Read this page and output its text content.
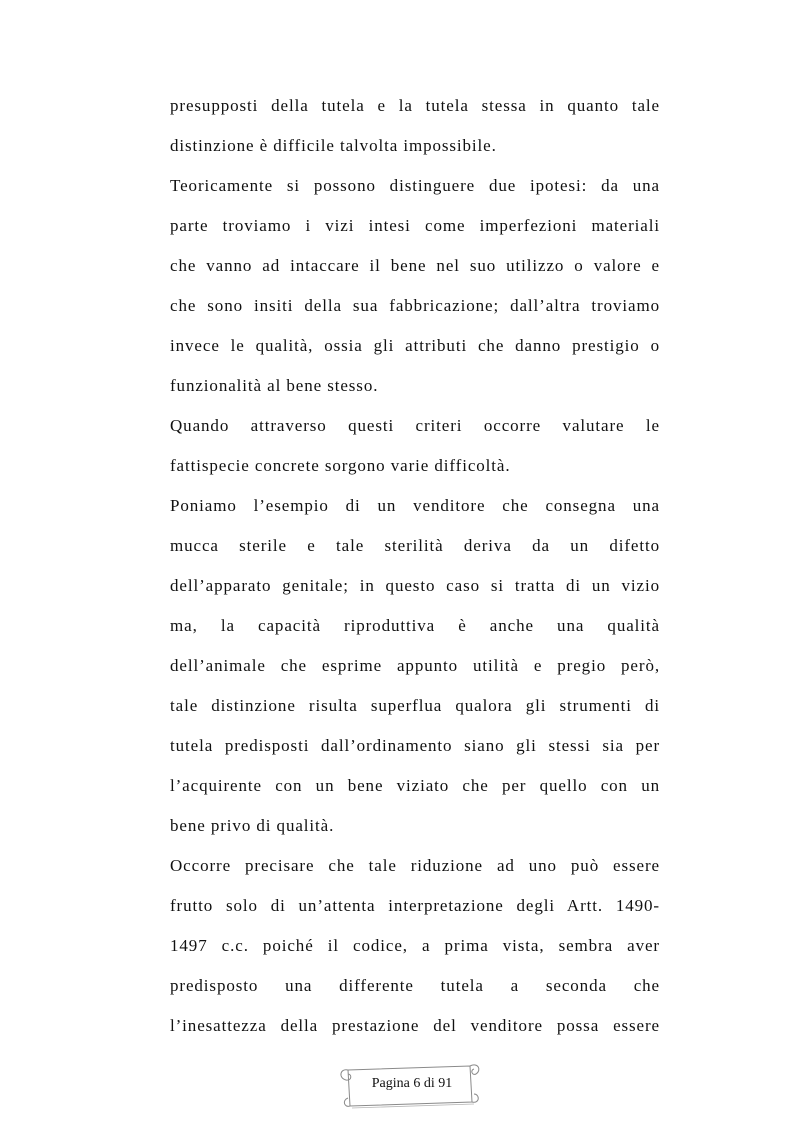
presupposti della tutela e la tutela stessa in quanto tale
distinzione è difficile talvolta impossibile.
Teoricamente si possono distinguere due ipotesi: da una
parte troviamo i vizi intesi come imperfezioni materiali
che vanno ad intaccare il bene nel suo utilizzo o valore e
che sono insiti della sua fabbricazione; dall’altra troviamo
invece le qualità, ossia gli attributi che danno prestigio o
funzionalità al bene stesso.
Quando attraverso questi criteri occorre valutare le
fattispecie concrete sorgono varie difficoltà.
Poniamo l’esempio di un venditore che consegna una
mucca sterile e tale sterilità deriva da un difetto
dell’apparato genitale; in questo caso si tratta di un vizio
ma, la capacità riproduttiva è anche una qualità
dell’animale che esprime appunto utilità e pregio però,
tale distinzione risulta superflua qualora gli strumenti di
tutela predisposti dall’ordinamento siano gli stessi sia per
l’acquirente con un bene viziato che per quello con un
bene privo di qualità.
Occorre precisare che tale riduzione ad uno può essere
frutto solo di un’attenta interpretazione degli Artt. 1490-
1497 c.c. poiché il codice, a prima vista, sembra aver
predisposto una differente tutela a seconda che
l’inesattezza della prestazione del venditore possa essere
Pagina 6 di 91
